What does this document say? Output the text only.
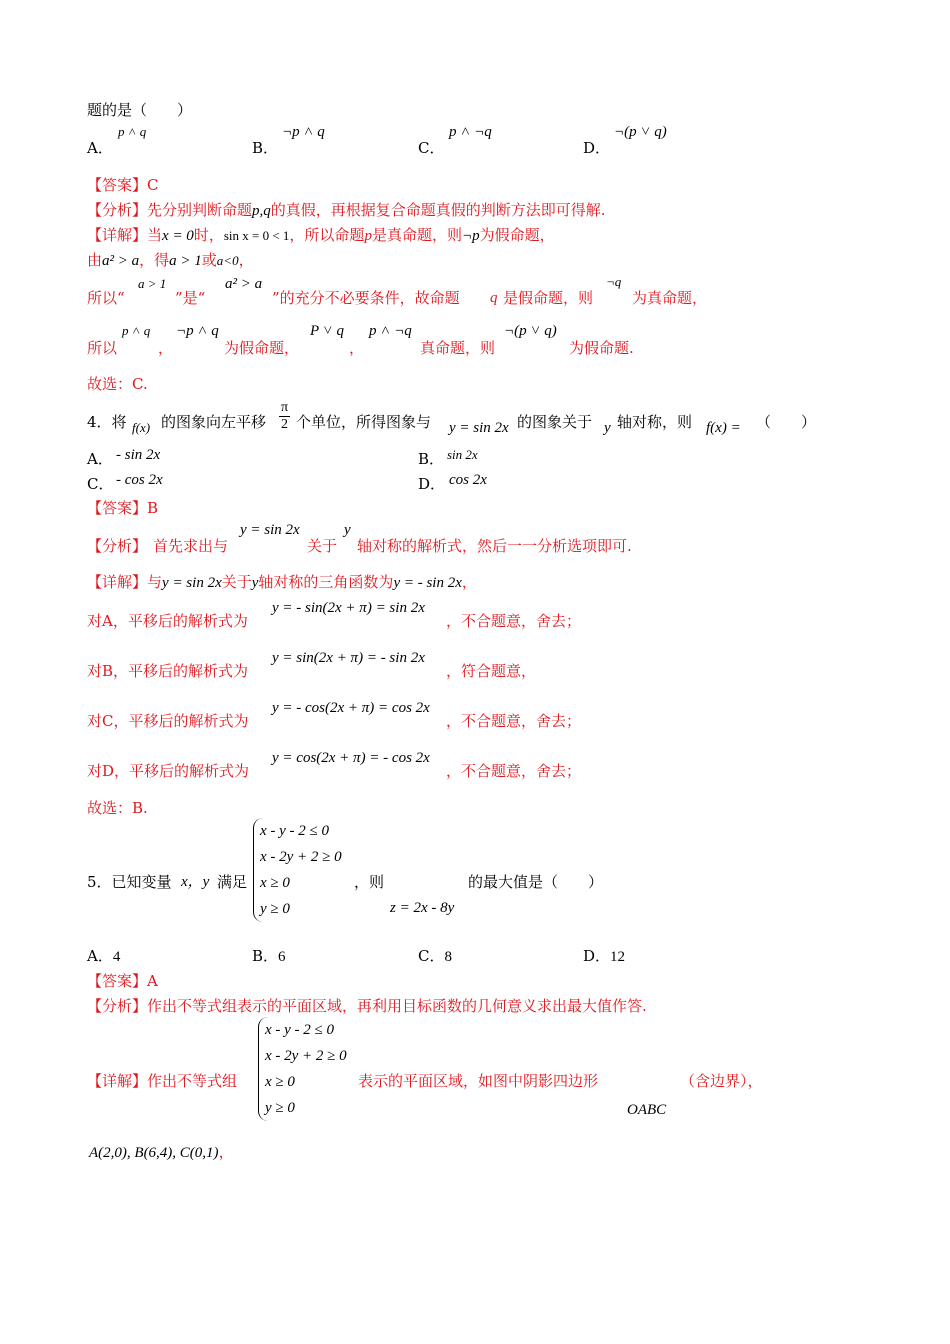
题的是（　　）
A．
p ˄ q
B．
¬p ˄ q
C．
p ˄ ¬q
D．
¬(p ˅ q)
【答案】C
【分析】先分别判断命题p,q的真假，再根据复合命题真假的判断方法即可得解.
【详解】当x = 0时，sin x = 0 < 1，所以命题p是真命题，则¬p为假命题，
由a² > a，得a > 1或a<0，
所以“
a > 1
”是“
a² > a
”的充分不必要条件，故命题 q 是假命题，则
¬q
为真命题，
所以
p ˄ q
，
¬p ˄ q
为假命题，
P ˅ q
，
p ˄ ¬q
真命题，则
¬(p ˅ q)
为假命题.
故选：C.
4．将 f(x) 的图象向左平移 $\frac{\pi}{2}$ 个单位，所得图象与 y = sin 2x 的图象关于 y 轴对称，则 f(x) = （　　）
A． - sin 2x	B． sin 2x
C． - cos 2x	D． cos 2x
【答案】B
【分析】 首先求出与
y = sin 2x
关于
y
轴对称的解析式，然后一一分析选项即可.
【详解】与y = sin 2x关于y轴对称的三角函数为y = - sin 2x，
对A，平移后的解析式为
y = - sin(2x + π) = sin 2x
，不合题意，舍去；
对B，平移后的解析式为
y = sin(2x + π) = - sin 2x
，符合题意，
对C，平移后的解析式为
y = - cos(2x + π) = cos 2x
，不合题意，舍去；
对D，平移后的解析式为
y = cos(2x + π) = - cos 2x
，不合题意，舍去；
故选：B.
x - y - 2 ≤ 0
x - 2y + 2 ≥ 0
x ≥ 0
y ≥ 0
5．已知变量 x，y 满足	，则
z = 2x - 8y
的最大值是（　　）
A．4	B．6	C．8	D．12
【答案】A
【分析】作出不等式组表示的平面区域，再利用目标函数的几何意义求出最大值作答.
x - y - 2 ≤ 0
x - 2y + 2 ≥ 0
x ≥ 0
y ≥ 0
【详解】作出不等式组	表示的平面区域，如图中阴影四边形	（含边界），
OABC
A(2,0), B(6,4), C(0,1)，
